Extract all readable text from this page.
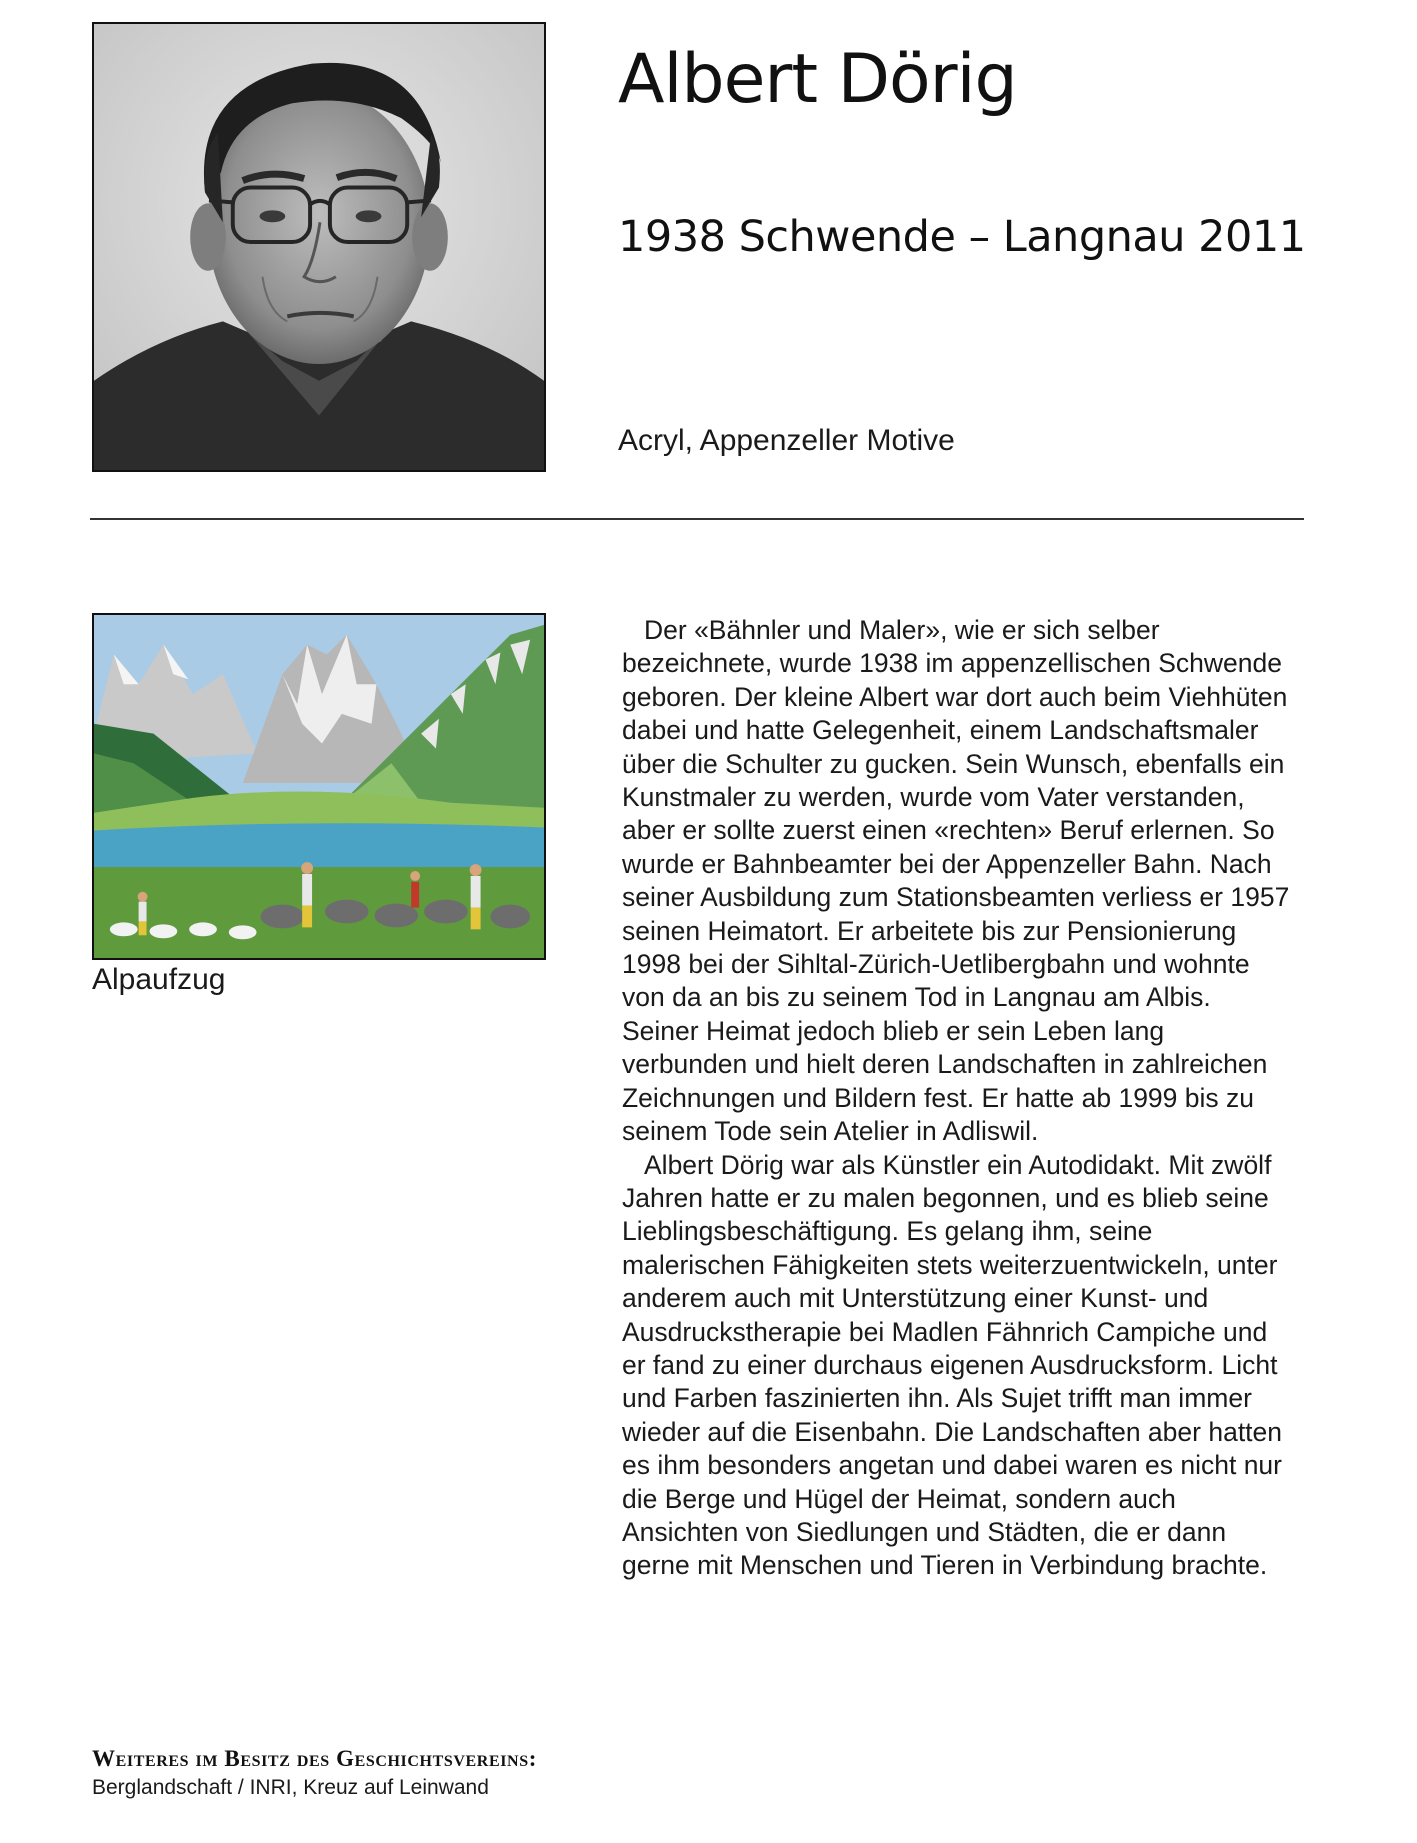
Albert Dörig

1938 Schwende – Langnau 2011

Acryl, Appenzeller Motive

Alpaufzug

Der «Bähnler und Maler», wie er sich selber bezeichnete, wurde 1938 im appenzellischen Schwende geboren. Der kleine Albert war dort auch beim Viehhüten dabei und hatte Gelegenheit, einem Landschaftsmaler über die Schulter zu gucken. Sein Wunsch, ebenfalls ein Kunstmaler zu werden, wurde vom Vater verstanden, aber er sollte zuerst einen «rechten» Beruf erlernen. So wurde er Bahnbeamter bei der Appenzeller Bahn. Nach seiner Ausbildung zum Stationsbeamten verliess er 1957 seinen Heimatort. Er arbeitete bis zur Pensionierung 1998 bei der Sihltal-Zürich-Uetlibergbahn und wohnte von da an bis zu seinem Tod in Langnau am Albis. Seiner Heimat jedoch blieb er sein Leben lang verbunden und hielt deren Landschaften in zahlreichen Zeichnungen und Bildern fest. Er hatte ab 1999 bis zu seinem Tode sein Atelier in Adliswil.

Albert Dörig war als Künstler ein Autodidakt. Mit zwölf Jahren hatte er zu malen begonnen, und es blieb seine Lieblingsbeschäftigung. Es gelang ihm, seine malerischen Fähigkeiten stets weiterzuentwickeln, unter anderem auch mit Unterstützung einer Kunst- und Ausdruckstherapie bei Madlen Fähnrich Campiche und er fand zu einer durchaus eigenen Ausdrucksform. Licht und Farben faszinierten ihn. Als Sujet trifft man immer wieder auf die Eisenbahn. Die Landschaften aber hatten es ihm besonders angetan und dabei waren es nicht nur die Berge und Hügel der Heimat, sondern auch Ansichten von Siedlungen und Städten, die er dann gerne mit Menschen und Tieren in Verbindung brachte.

Weiteres im Besitz des Geschichtsvereins:

Berglandschaft / INRI, Kreuz auf Leinwand
